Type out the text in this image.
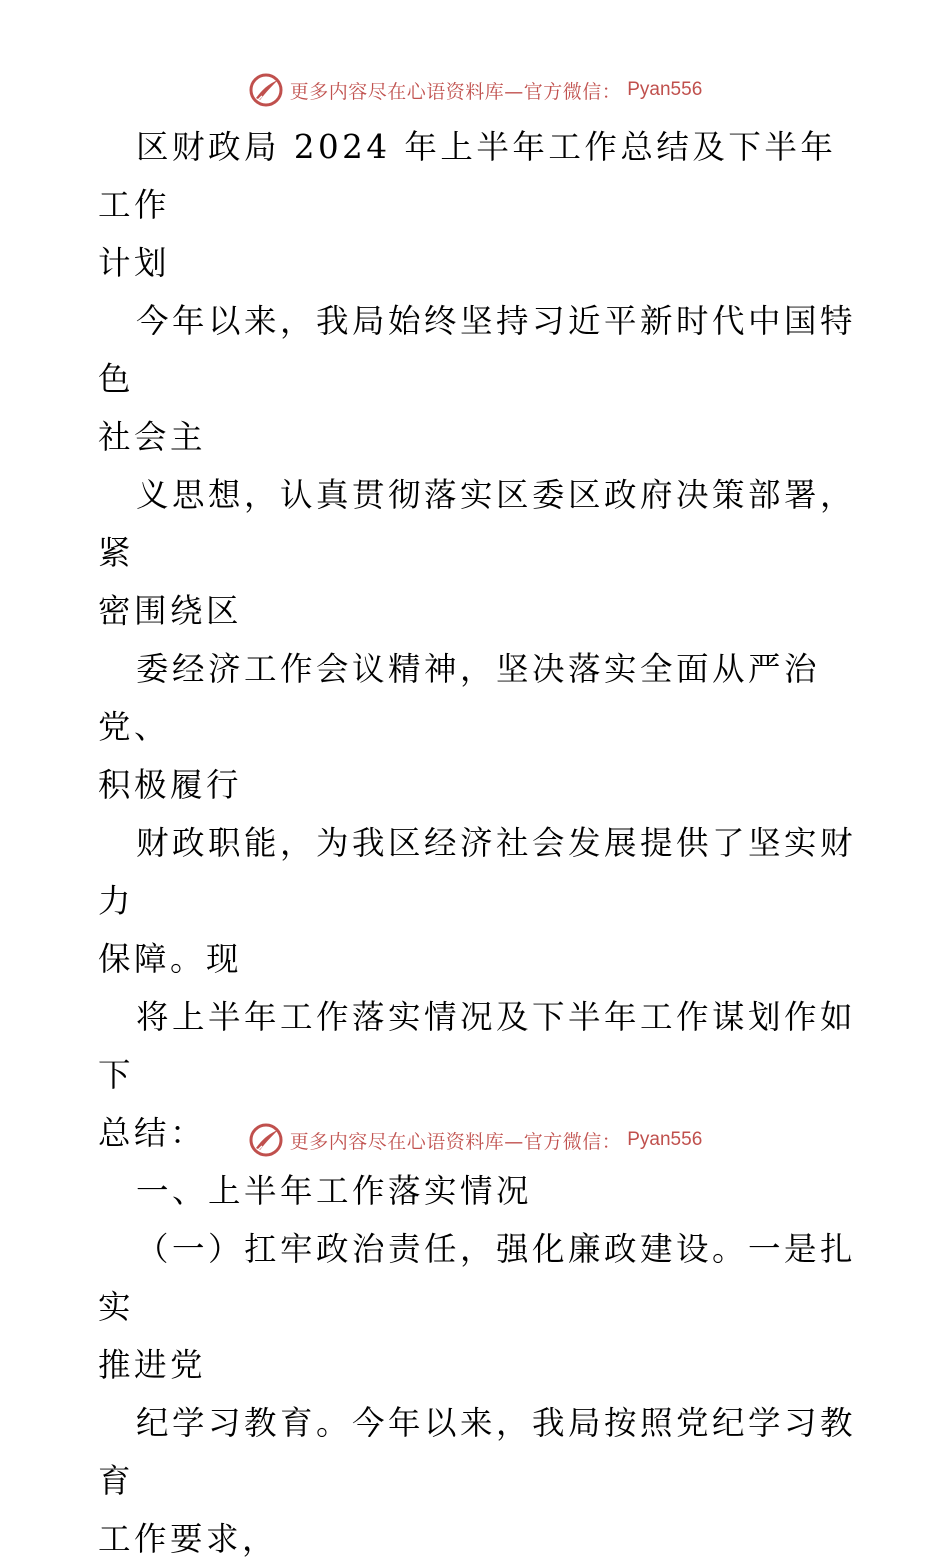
更多内容尽在心语资料库—官方微信： Pyan556

区财政局 2024 年上半年工作总结及下半年工作
计划

今年以来，我局始终坚持习近平新时代中国特色
社会主

义思想，认真贯彻落实区委区政府决策部署，紧
密围绕区

委经济工作会议精神，坚决落实全面从严治党、
积极履行

财政职能，为我区经济社会发展提供了坚实财力
保障。现

将上半年工作落实情况及下半年工作谋划作如下
总结：

一、上半年工作落实情况

（一）扛牢政治责任，强化廉政建设。一是扎实
推进党

纪学习教育。今年以来，我局按照党纪学习教育
工作要求，

更多内容尽在心语资料库—官方微信： Pyan556
